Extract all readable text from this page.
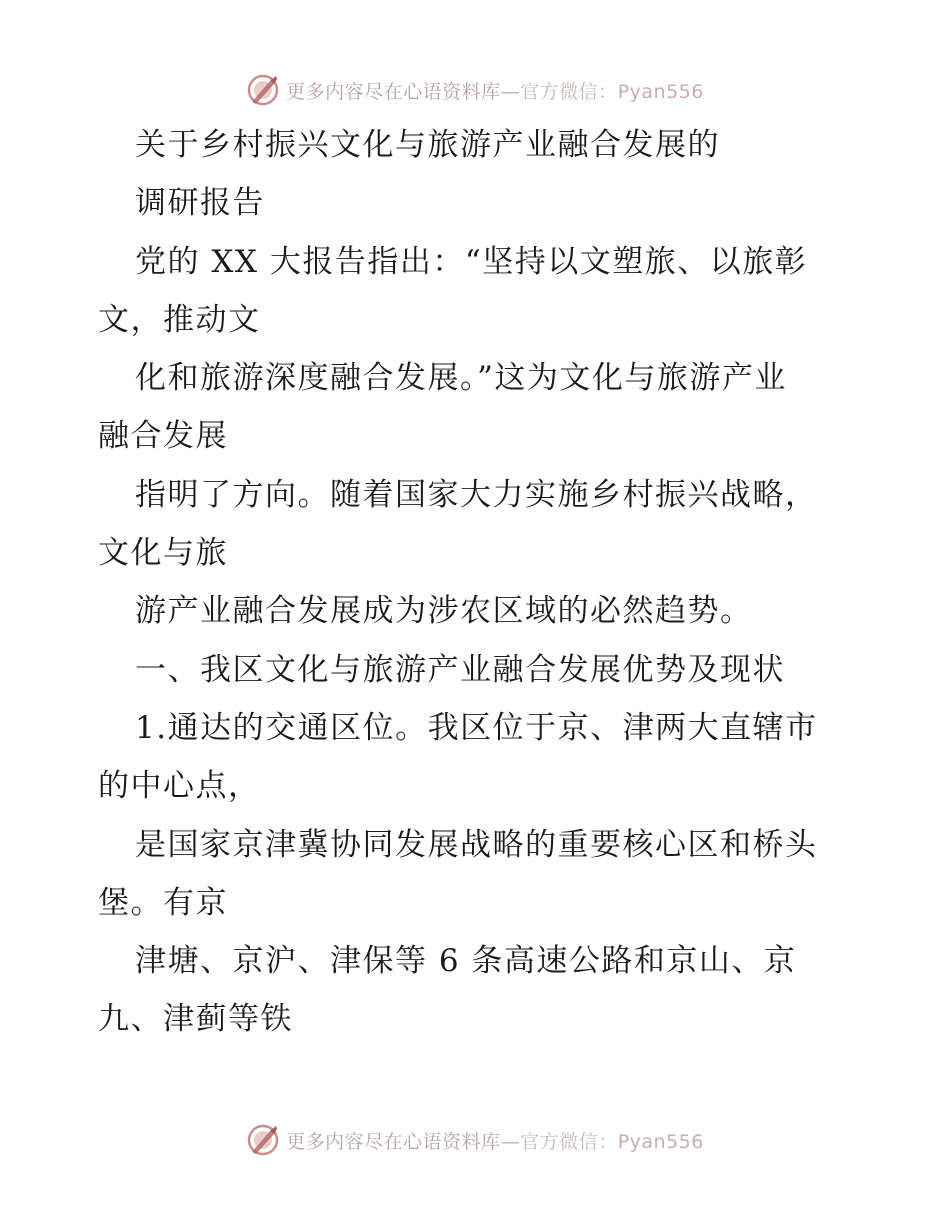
更多内容尽在心语资料库—官方微信：Pyan556
关于乡村振兴文化与旅游产业融合发展的
调研报告
党的 XX 大报告指出：“坚持以文塑旅、以旅彰
文，推动文
化和旅游深度融合发展。”这为文化与旅游产业
融合发展
指明了方向。随着国家大力实施乡村振兴战略，
文化与旅
游产业融合发展成为涉农区域的必然趋势。
一、我区文化与旅游产业融合发展优势及现状
1.通达的交通区位。我区位于京、津两大直辖市
的中心点，
是国家京津冀协同发展战略的重要核心区和桥头
堡。有京
津塘、京沪、津保等 6 条高速公路和京山、京
九、津蓟等铁
更多内容尽在心语资料库—官方微信：Pyan556
